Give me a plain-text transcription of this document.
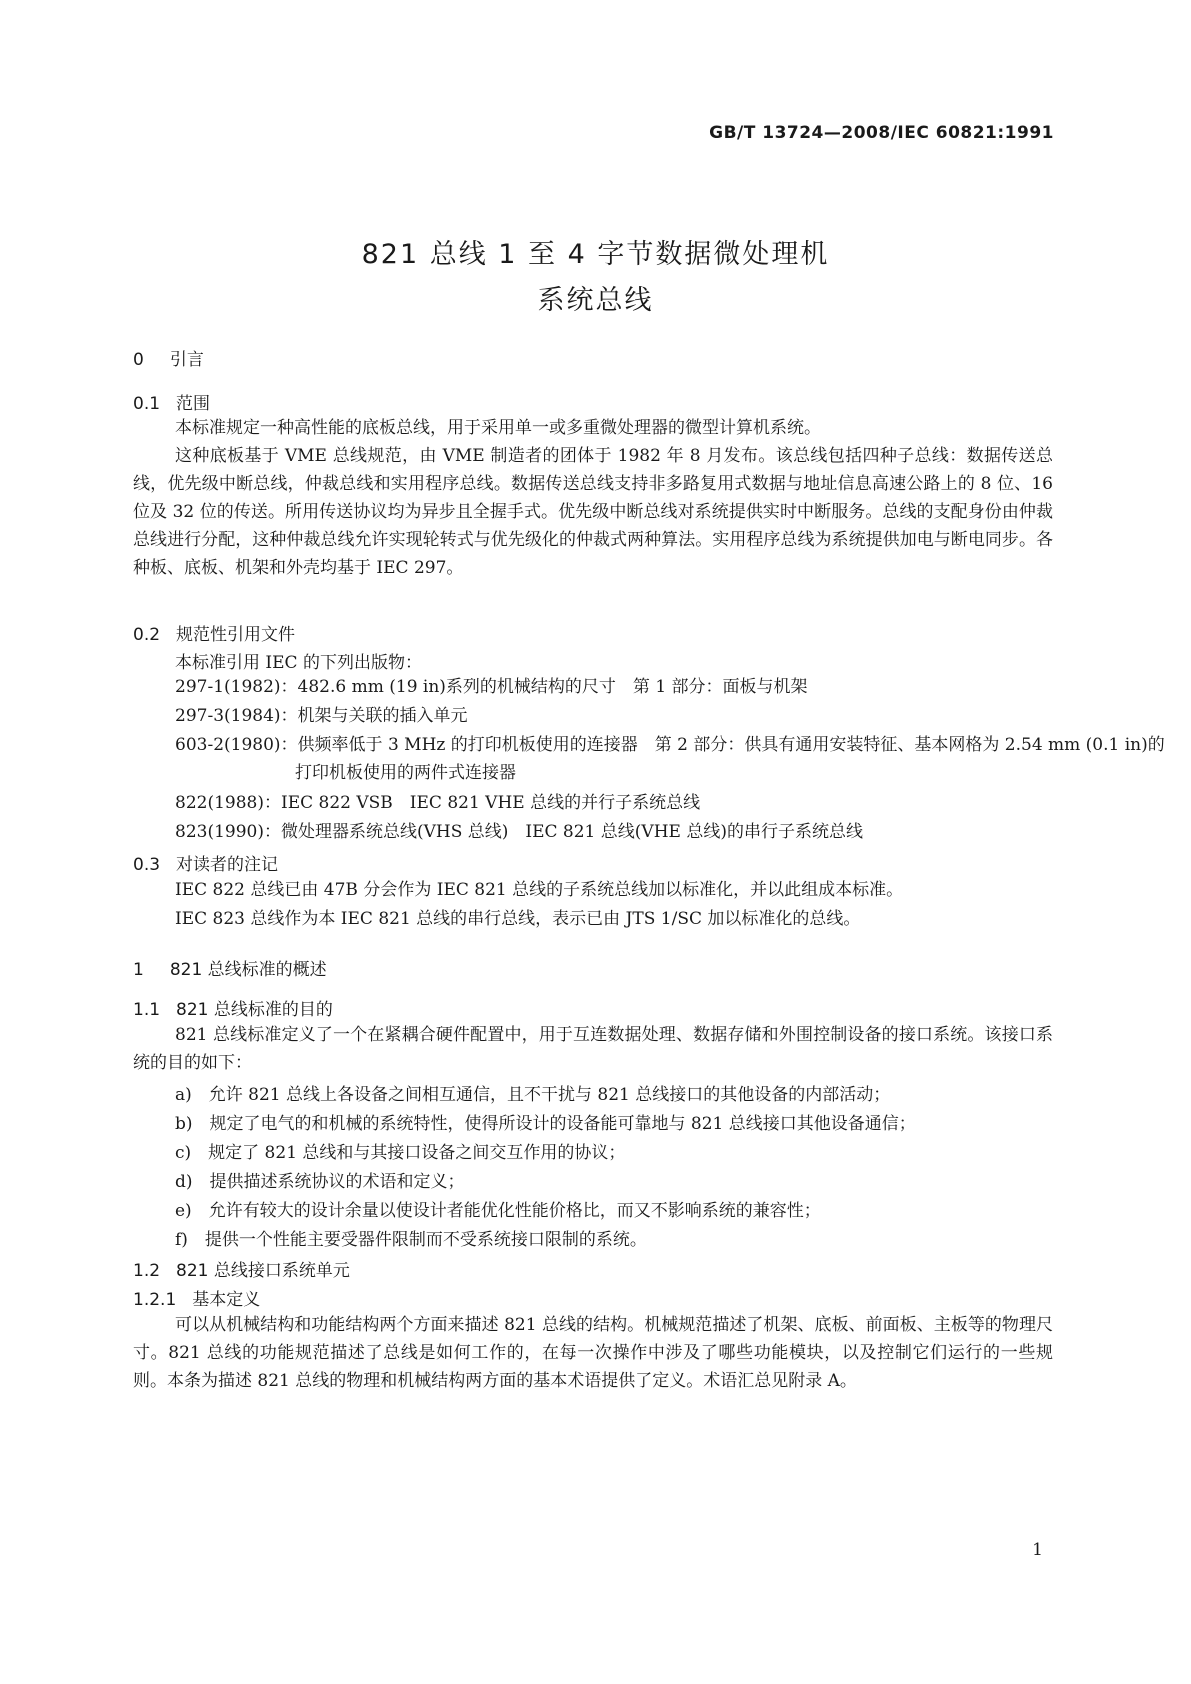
GB/T 13724—2008/IEC 60821:1991
821 总线 1 至 4 字节数据微处理机
系统总线
0 引言
0.1 范围
本标准规定一种高性能的底板总线，用于采用单一或多重微处理器的微型计算机系统。
这种底板基于 VME 总线规范，由 VME 制造者的团体于 1982 年 8 月发布。该总线包括四种子总线：数据传送总线，优先级中断总线，仲裁总线和实用程序总线。数据传送总线支持非多路复用式数据与地址信息高速公路上的 8 位、16 位及 32 位的传送。所用传送协议均为异步且全握手式。优先级中断总线对系统提供实时中断服务。总线的支配身份由仲裁总线进行分配，这种仲裁总线允许实现轮转式与优先级化的仲裁式两种算法。实用程序总线为系统提供加电与断电同步。各种板、底板、机架和外壳均基于 IEC 297。
0.2 规范性引用文件
本标准引用 IEC 的下列出版物：
297-1(1982)：482.6 mm (19 in)系列的机械结构的尺寸　第 1 部分：面板与机架
297-3(1984)：机架与关联的插入单元
603-2(1980)：供频率低于 3 MHz 的打印机板使用的连接器　第 2 部分：供具有通用安装特征、基本网格为 2.54 mm (0.1 in)的打印机板使用的两件式连接器
822(1988)：IEC 822 VSB　IEC 821 VHE 总线的并行子系统总线
823(1990)：微处理器系统总线(VHS 总线)　IEC 821 总线(VHE 总线)的串行子系统总线
0.3 对读者的注记
IEC 822 总线已由 47B 分会作为 IEC 821 总线的子系统总线加以标准化，并以此组成本标准。
IEC 823 总线作为本 IEC 821 总线的串行总线，表示已由 JTS 1/SC 加以标准化的总线。
1 821 总线标准的概述
1.1 821 总线标准的目的
821 总线标准定义了一个在紧耦合硬件配置中，用于互连数据处理、数据存储和外围控制设备的接口系统。该接口系统的目的如下：
a)　允许 821 总线上各设备之间相互通信，且不干扰与 821 总线接口的其他设备的内部活动；
b)　规定了电气的和机械的系统特性，使得所设计的设备能可靠地与 821 总线接口其他设备通信；
c)　规定了 821 总线和与其接口设备之间交互作用的协议；
d)　提供描述系统协议的术语和定义；
e)　允许有较大的设计余量以使设计者能优化性能价格比，而又不影响系统的兼容性；
f)　提供一个性能主要受器件限制而不受系统接口限制的系统。
1.2 821 总线接口系统单元
1.2.1 基本定义
可以从机械结构和功能结构两个方面来描述 821 总线的结构。机械规范描述了机架、底板、前面板、主板等的物理尺寸。821 总线的功能规范描述了总线是如何工作的，在每一次操作中涉及了哪些功能模块，以及控制它们运行的一些规则。本条为描述 821 总线的物理和机械结构两方面的基本术语提供了定义。术语汇总见附录 A。
1
